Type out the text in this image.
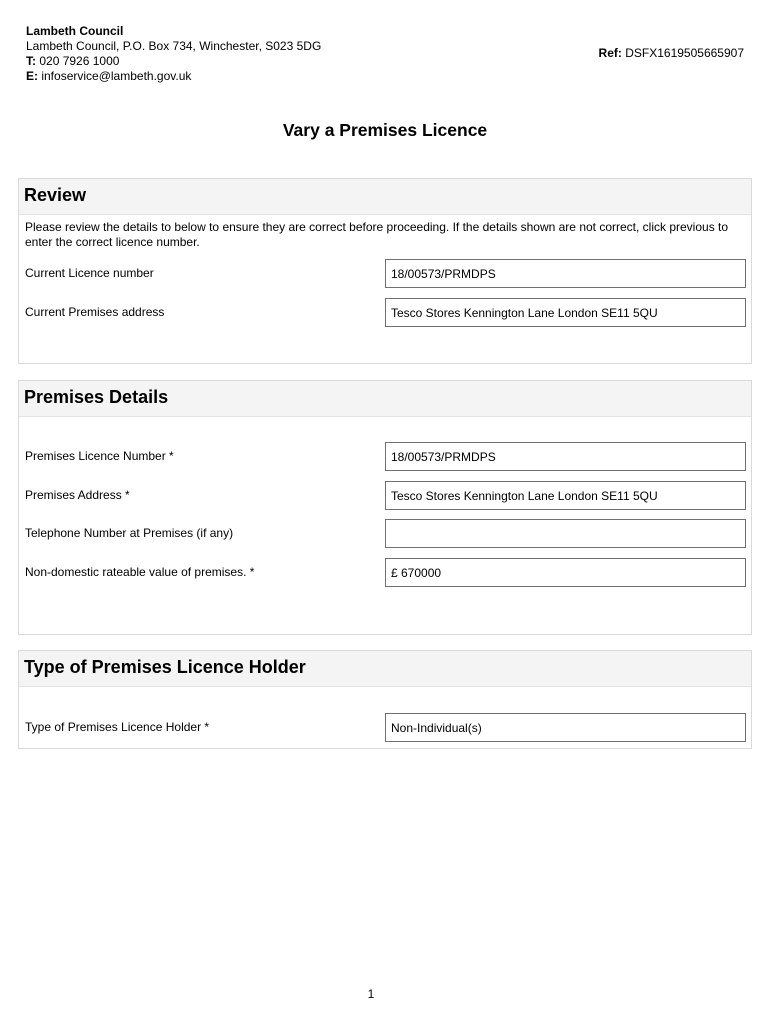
Lambeth Council
Lambeth Council, P.O. Box 734, Winchester, S023 5DG
T: 020 7926 1000
E: infoservice@lambeth.gov.uk
Ref: DSFX1619505665907
Vary a Premises Licence
Review
Please review the details to below to ensure they are correct before proceeding. If the details shown are not correct, click previous to enter the correct licence number.
Current Licence number	18/00573/PRMDPS
Current Premises address	Tesco Stores Kennington Lane London SE11 5QU
Premises Details
Premises Licence Number *	18/00573/PRMDPS
Premises Address *	Tesco Stores Kennington Lane London SE11 5QU
Telephone Number at Premises (if any)
Non-domestic rateable value of premises. *	£ 670000
Type of Premises Licence Holder
Type of Premises Licence Holder *	Non-Individual(s)
1
